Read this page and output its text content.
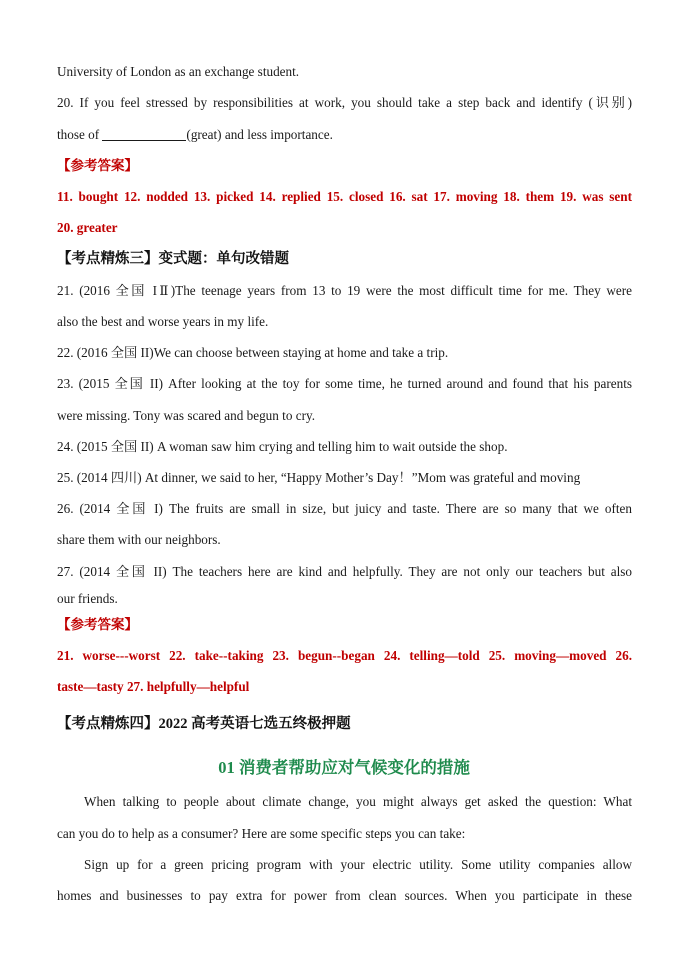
University of London as an exchange student.
20. If you feel stressed by responsibilities at work, you should take a step back and identify (识别)
those of	(great) and less importance.
【参考答案】
11. bought 12. nodded 13. picked 14. replied 15. closed 16. sat 17. moving 18. them 19. was sent
20. greater
【考点精炼三】变式题：单句改错题
21. (2016 全国 IⅡ)The teenage years from 13 to 19 were the most difficult time for me. They were
also the best and worse years in my life.
22. (2016 全国 II)We can choose between staying at home and take a trip.
23. (2015 全国 II) After looking at the toy for some time, he turned around and found that his parents
were missing. Tony was scared and begun to cry.
24. (2015 全国 II) A woman saw him crying and telling him to wait outside the shop.
25. (2014 四川) At dinner, we said to her, “Happy Mother’s Day！”Mom was grateful and moving
26. (2014 全国 I) The fruits are small in size, but juicy and taste. There are so many that we often
share them with our neighbors.
27. (2014 全国 II) The teachers here are kind and helpfully. They are not only our teachers but also
our friends.
【参考答案】
21. worse---worst 22. take--taking 23. begun--began 24. telling—told 25. moving—moved 26.
taste—tasty 27. helpfully—helpful
【考点精炼四】2022 高考英语七选五终极押题
01 消费者帮助应对气候变化的措施
When talking to people about climate change, you might always get asked the question: What
can you do to help as a consumer? Here are some specific steps you can take:
Sign up for a green pricing program with your electric utility. Some utility companies allow
homes and businesses to pay extra for power from clean sources. When you participate in these
